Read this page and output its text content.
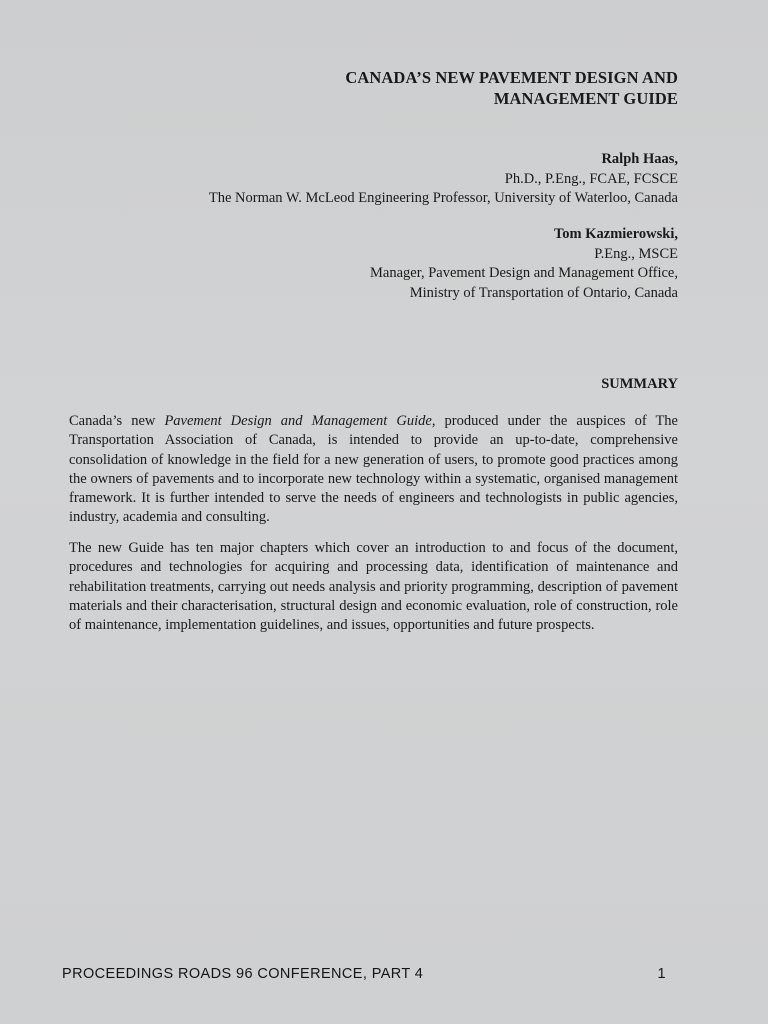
CANADA’S NEW PAVEMENT DESIGN AND
MANAGEMENT GUIDE
Ralph Haas,
Ph.D., P.Eng., FCAE, FCSCE
The Norman W. McLeod Engineering Professor, University of Waterloo, Canada
Tom Kazmierowski,
P.Eng., MSCE
Manager, Pavement Design and Management Office,
Ministry of Transportation of Ontario, Canada
SUMMARY

Canada’s new Pavement Design and Management Guide, produced under the auspices of The Transportation Association of Canada, is intended to provide an up-to-date, comprehensive consolidation of knowledge in the field for a new generation of users, to promote good practices among the owners of pavements and to incorporate new technology within a systematic, organised management framework. It is further intended to serve the needs of engineers and technologists in public agencies, industry, academia and consulting.

The new Guide has ten major chapters which cover an introduction to and focus of the document, procedures and technologies for acquiring and processing data, identification of maintenance and rehabilitation treatments, carrying out needs analysis and priority programming, description of pavement materials and their characterisation, structural design and economic evaluation, role of construction, role of maintenance, implementation guidelines, and issues, opportunities and future prospects.

PROCEEDINGS ROADS 96 CONFERENCE, PART 4	1
